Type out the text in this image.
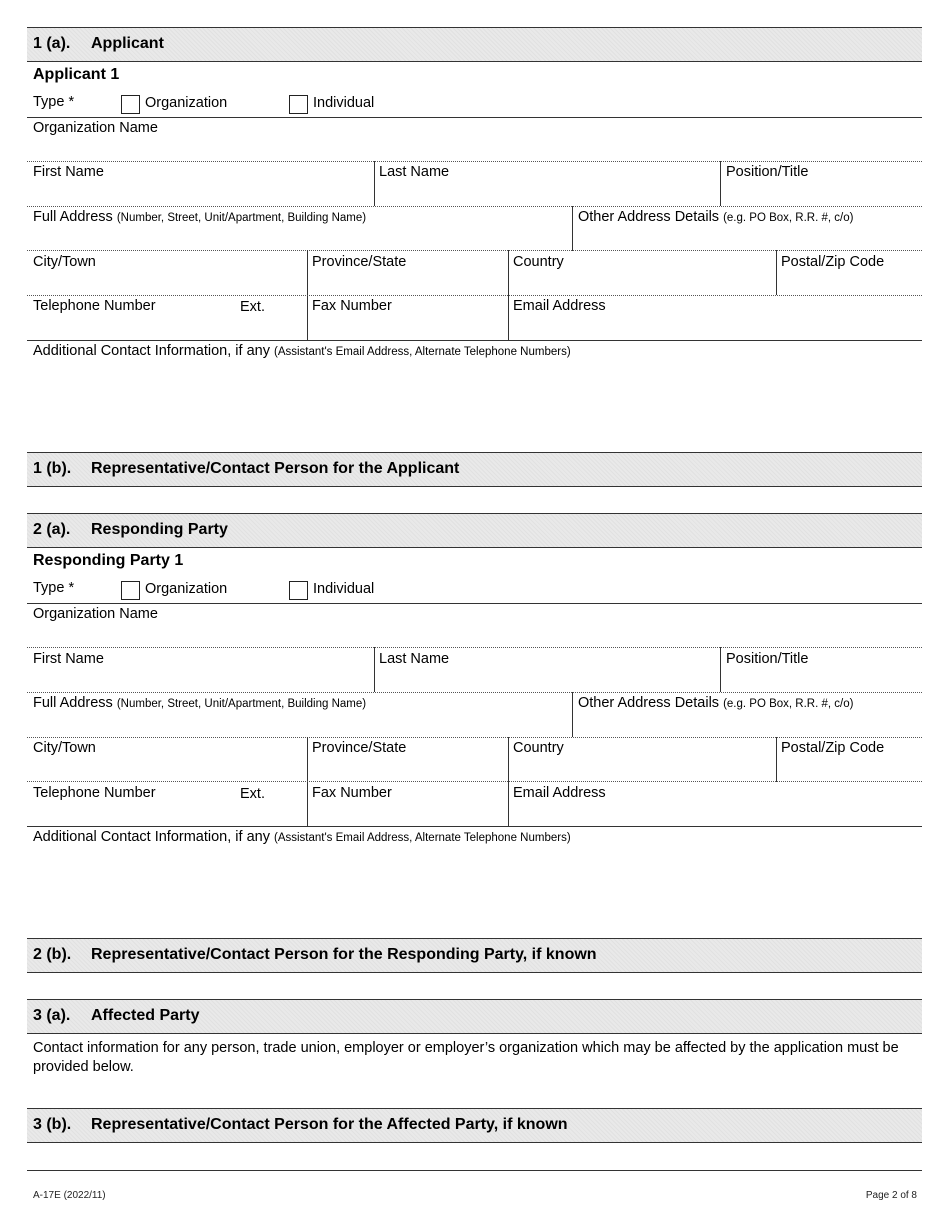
1 (a). Applicant
Applicant 1
Type *	Organization	Individual
Organization Name
First Name	Last Name	Position/Title
Full Address (Number, Street, Unit/Apartment, Building Name)	Other Address Details (e.g. PO Box, R.R. #, c/o)
City/Town	Province/State	Country	Postal/Zip Code
Telephone Number	Ext.	Fax Number	Email Address
Additional Contact Information, if any (Assistant's Email Address, Alternate Telephone Numbers)
1 (b). Representative/Contact Person for the Applicant
2 (a). Responding Party
Responding Party 1
Type *	Organization	Individual
Organization Name
First Name	Last Name	Position/Title
Full Address (Number, Street, Unit/Apartment, Building Name)	Other Address Details (e.g. PO Box, R.R. #, c/o)
City/Town	Province/State	Country	Postal/Zip Code
Telephone Number	Ext.	Fax Number	Email Address
Additional Contact Information, if any (Assistant's Email Address, Alternate Telephone Numbers)
2 (b). Representative/Contact Person for the Responding Party, if known
3 (a). Affected Party
Contact information for any person, trade union, employer or employer’s organization which may be affected by the application must be provided below.
3 (b). Representative/Contact Person for the Affected Party, if known
A-17E (2022/11)	Page 2 of 8
